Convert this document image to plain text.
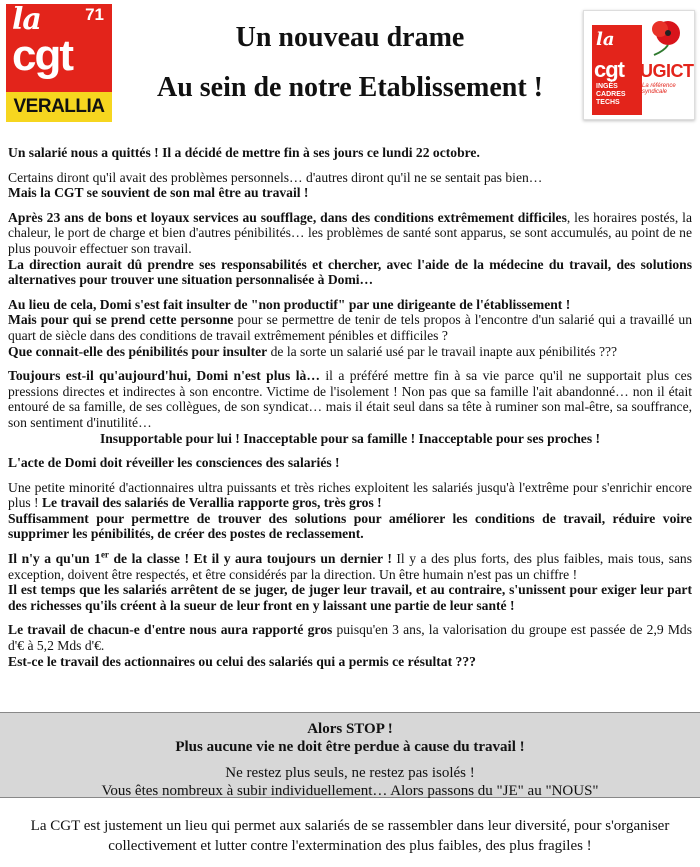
la	71
cgt
VERALLIA
Un nouveau drame
Au sein de notre Etablissement !
la
cgt UGICT
INGÉS CADRES TECHS
La référence syndicale
Un salarié nous a quittés ! Il a décidé de mettre fin à ses jours ce lundi 22 octobre.
Certains diront qu'il avait des problèmes personnels… d'autres diront qu'il ne se sentait pas bien…
Mais la CGT se souvient de son mal être au travail !
Après 23 ans de bons et loyaux services au soufflage, dans des conditions extrêmement difficiles, les horaires postés, la chaleur, le port de charge et bien d'autres pénibilités… les problèmes de santé sont apparus, se sont accumulés, au point de ne plus pouvoir effectuer son travail.
La direction aurait dû prendre ses responsabilités et chercher, avec l'aide de la médecine du travail, des solutions alternatives pour trouver une situation personnalisée à Domi…
Au lieu de cela, Domi s'est fait insulter de "non productif" par une dirigeante de l'établissement !
Mais pour qui se prend cette personne pour se permettre de tenir de tels propos à l'encontre d'un salarié qui a travaillé un quart de siècle dans des conditions de travail extrêmement pénibles et difficiles ?
Que connait-elle des pénibilités pour insulter de la sorte un salarié usé par le travail inapte aux pénibilités ???
Toujours est-il qu'aujourd'hui, Domi n'est plus là… il a préféré mettre fin à sa vie parce qu'il ne supportait plus ces pressions directes et indirectes à son encontre. Victime de l'isolement ! Non pas que sa famille l'ait abandonné… non il était entouré de sa famille, de ses collègues, de son syndicat… mais il était seul dans sa tête à ruminer son mal-être, sa souffrance, son sentiment d'inutilité…
Insupportable pour lui ! Inacceptable pour sa famille ! Inacceptable pour ses proches !
L'acte de Domi doit réveiller les consciences des salariés !
Une petite minorité d'actionnaires ultra puissants et très riches exploitent les salariés jusqu'à l'extrême pour s'enrichir encore plus ! Le travail des salariés de Verallia rapporte gros, très gros !
Suffisamment pour permettre de trouver des solutions pour améliorer les conditions de travail, réduire voire supprimer les pénibilités, de créer des postes de reclassement.
Il n'y a qu'un 1er de la classe ! Et il y aura toujours un dernier ! Il y a des plus forts, des plus faibles, mais tous, sans exception, doivent être respectés, et être considérés par la direction. Un être humain n'est pas un chiffre !
Il est temps que les salariés arrêtent de se juger, de juger leur travail, et au contraire, s'unissent pour exiger leur part des richesses qu'ils créent à la sueur de leur front en y laissant une partie de leur santé !
Le travail de chacun-e d'entre nous aura rapporté gros puisqu'en 3 ans, la valorisation du groupe est passée de 2,9 Mds d'€ à 5,2 Mds d'€.
Est-ce le travail des actionnaires ou celui des salariés qui a permis ce résultat ???
Alors STOP !
Plus aucune vie ne doit être perdue à cause du travail !
Ne restez plus seuls, ne restez pas isolés !
Vous êtes nombreux à subir individuellement… Alors passons du "JE" au "NOUS"
La CGT est justement un lieu qui permet aux salariés de se rassembler dans leur diversité, pour s'organiser collectivement et lutter contre l'extermination des plus faibles, des plus fragiles !
